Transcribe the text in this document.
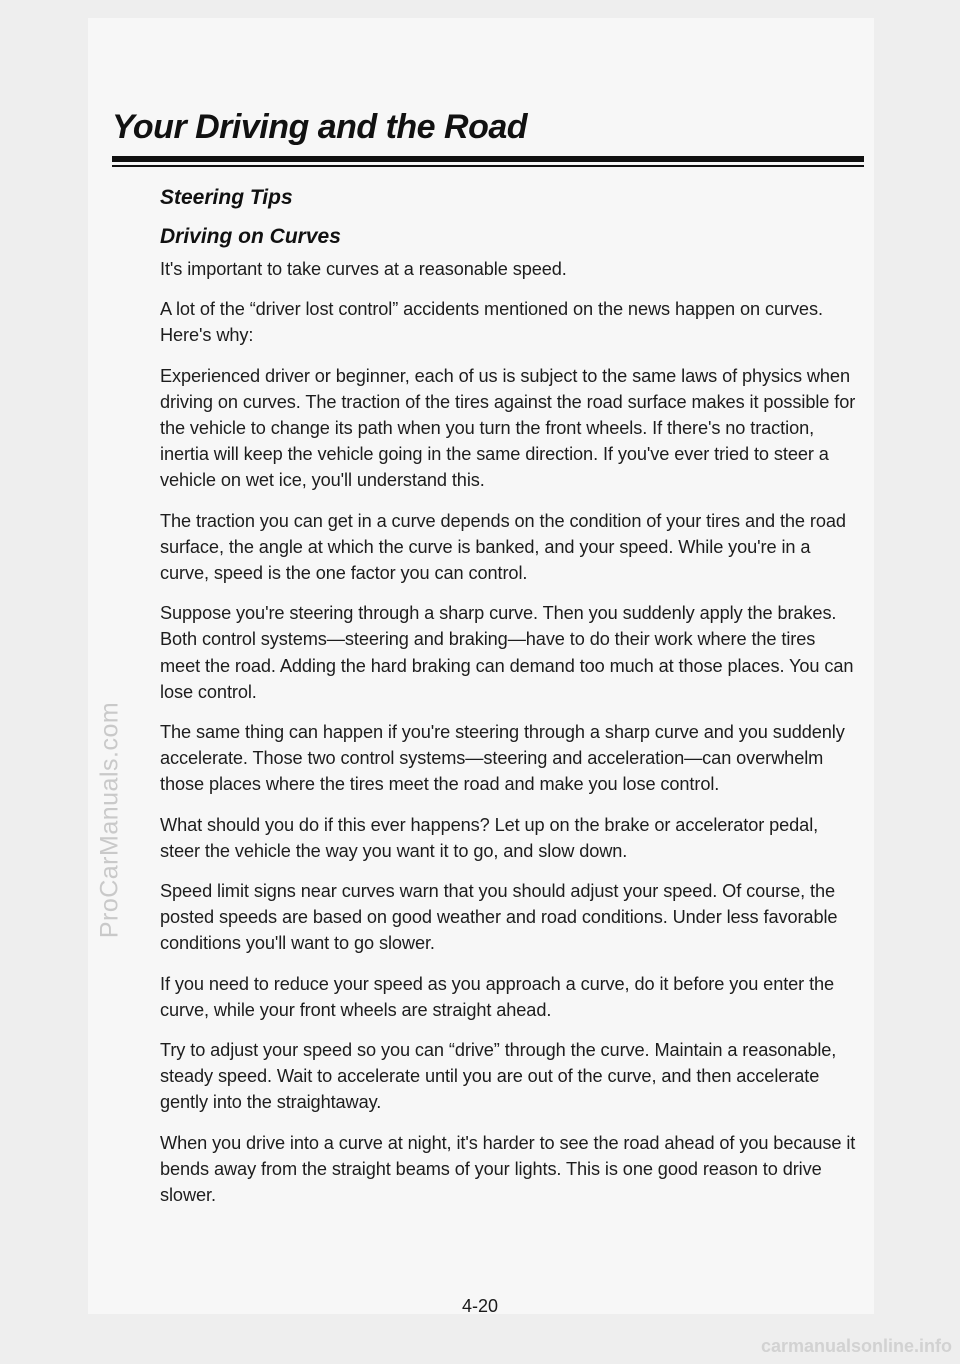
ProCarManuals.com
Your Driving and the Road
Steering Tips
Driving on Curves

It's important to take curves at a reasonable speed.

A lot of the “driver lost control” accidents mentioned on the news happen on curves. Here's why:

Experienced driver or beginner, each of us is subject to the same laws of physics when driving on curves. The traction of the tires against the road surface makes it possible for the vehicle to change its path when you turn the front wheels. If there's no traction, inertia will keep the vehicle going in the same direction. If you've ever tried to steer a vehicle on wet ice, you'll understand this.

The traction you can get in a curve depends on the condition of your tires and the road surface, the angle at which the curve is banked, and your speed. While you're in a curve, speed is the one factor you can control.

Suppose you're steering through a sharp curve. Then you suddenly apply the brakes. Both control systems—steering and braking—have to do their work where the tires meet the road. Adding the hard braking can demand too much at those places. You can lose control.

The same thing can happen if you're steering through a sharp curve and you suddenly accelerate. Those two control systems—steering and acceleration—can overwhelm those places where the tires meet the road and make you lose control.

What should you do if this ever happens? Let up on the brake or accelerator pedal, steer the vehicle the way you want it to go, and slow down.

Speed limit signs near curves warn that you should adjust your speed. Of course, the posted speeds are based on good weather and road conditions. Under less favorable conditions you'll want to go slower.

If you need to reduce your speed as you approach a curve, do it before you enter the curve, while your front wheels are straight ahead.

Try to adjust your speed so you can “drive” through the curve. Maintain a reasonable, steady speed. Wait to accelerate until you are out of the curve, and then accelerate gently into the straightaway.

When you drive into a curve at night, it's harder to see the road ahead of you because it bends away from the straight beams of your lights. This is one good reason to drive slower.

4-20
carmanualsonline.info
